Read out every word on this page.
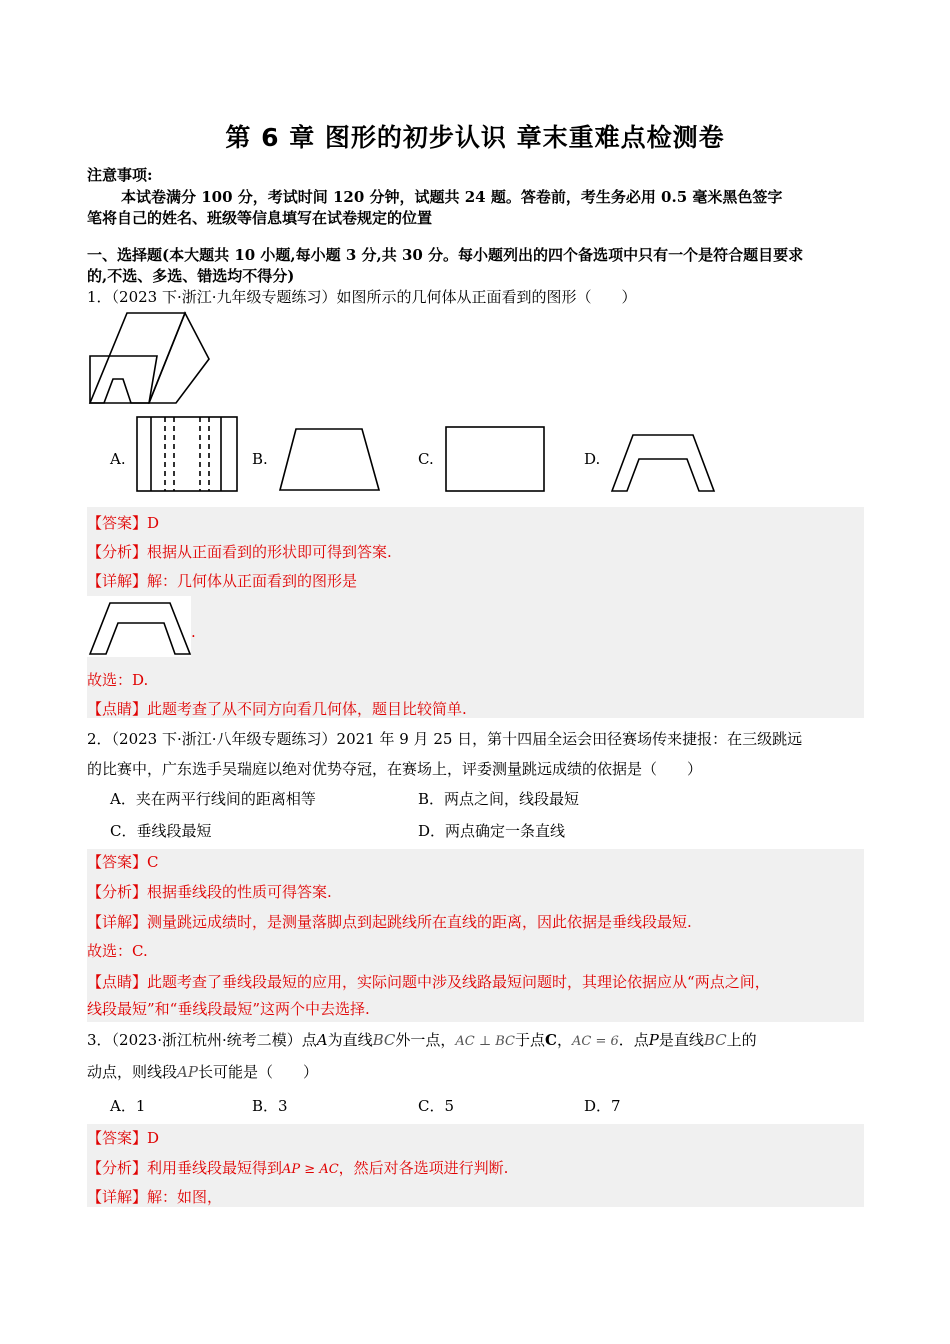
第 6 章 图形的初步认识 章末重难点检测卷
注意事项:
本试卷满分 100 分，考试时间 120 分钟，试题共 24 题。答卷前，考生务必用 0.5 毫米黑色签字
笔将自己的姓名、班级等信息填写在试卷规定的位置
一、选择题(本大题共 10 小题,每小题 3 分,共 30 分。每小题列出的四个备选项中只有一个是符合题目要求
的,不选、多选、错选均不得分)
1．（2023 下·浙江·九年级专题练习）如图所示的几何体从正面看到的图形（　　）
A.	B.	C.	D.
【答案】D
【分析】根据从正面看到的形状即可得到答案.
【详解】解：几何体从正面看到的图形是
.
故选：D.
【点睛】此题考查了从不同方向看几何体，题目比较简单.
2．（2023 下·浙江·八年级专题练习）2021 年 9 月 25 日，第十四届全运会田径赛场传来捷报：在三级跳远
的比赛中，广东选手吴瑞庭以绝对优势夺冠，在赛场上，评委测量跳远成绩的依据是（　　）
A．夹在两平行线间的距离相等	B．两点之间，线段最短
C．垂线段最短	D．两点确定一条直线
【答案】C
【分析】根据垂线段的性质可得答案.
【详解】测量跳远成绩时，是测量落脚点到起跳线所在直线的距离，因此依据是垂线段最短.
故选：C.
【点睛】此题考查了垂线段最短的应用，实际问题中涉及线路最短问题时，其理论依据应从“两点之间，
线段最短”和“垂线段最短”这两个中去选择.
3．（2023·浙江杭州·统考二模）点A为直线BC外一点，AC ⊥ BC于点C，AC = 6．点P是直线BC上的
动点，则线段AP长可能是（　　）
A．1	B．3	C．5	D．7
【答案】D
【分析】利用垂线段最短得到AP ≥ AC，然后对各选项进行判断.
【详解】解：如图，
